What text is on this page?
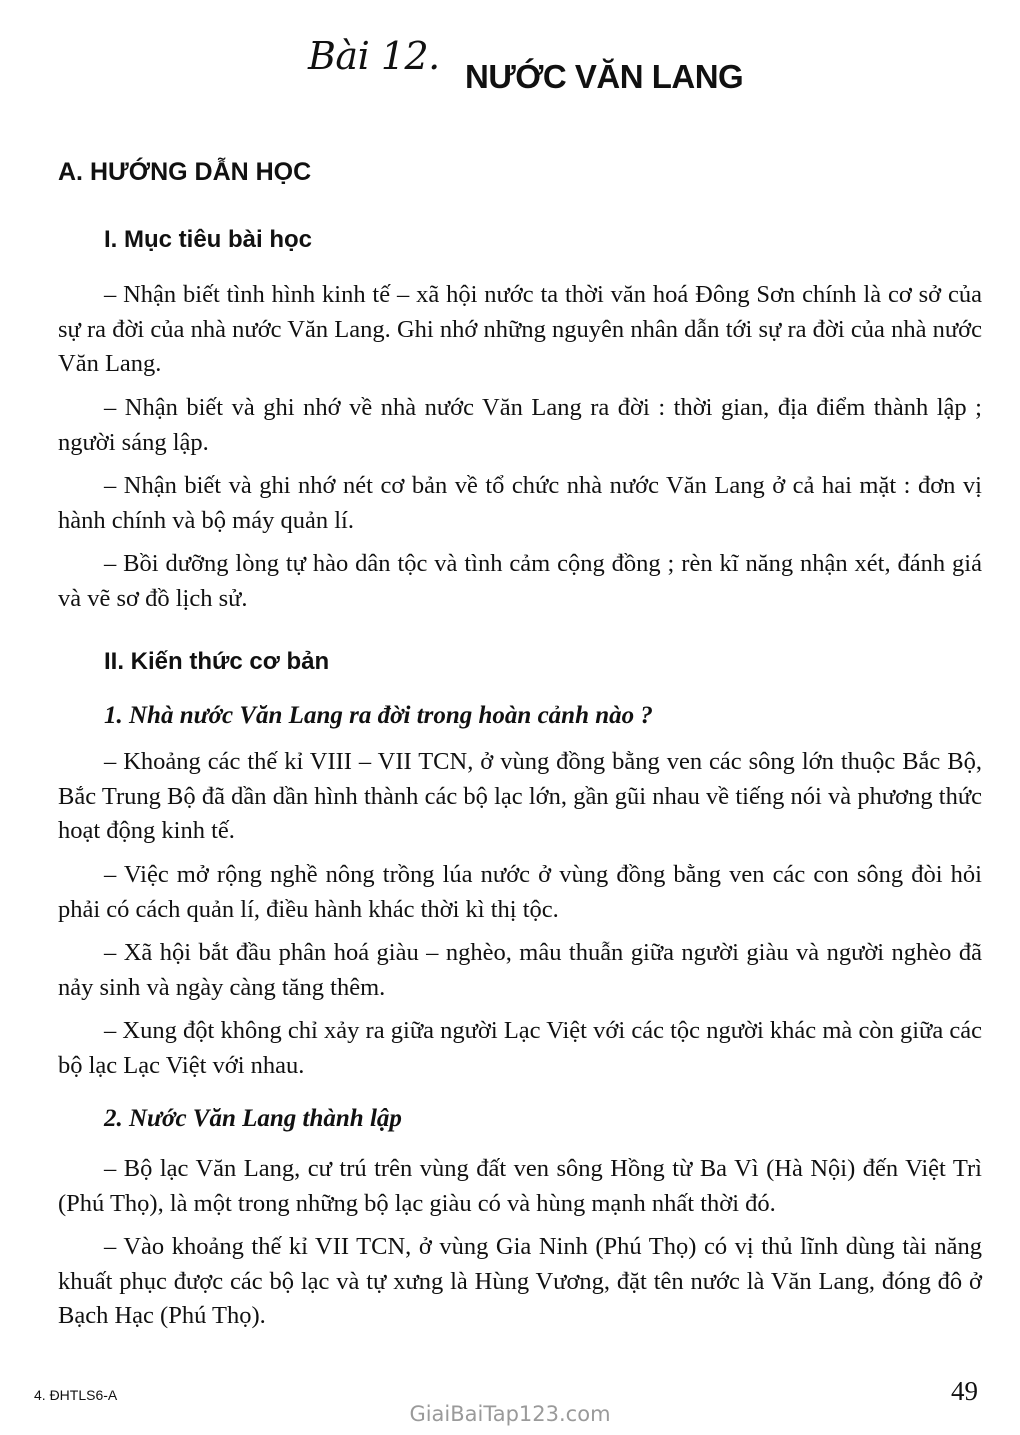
Bài 12. NƯỚC VĂN LANG
A. HƯỚNG DẪN HỌC
I. Mục tiêu bài học

– Nhận biết tình hình kinh tế – xã hội nước ta thời văn hoá Đông Sơn chính là cơ sở của sự ra đời của nhà nước Văn Lang. Ghi nhớ những nguyên nhân dẫn tới sự ra đời của nhà nước Văn Lang.

– Nhận biết và ghi nhớ về nhà nước Văn Lang ra đời : thời gian, địa điểm thành lập ; người sáng lập.

– Nhận biết và ghi nhớ nét cơ bản về tổ chức nhà nước Văn Lang ở cả hai mặt : đơn vị hành chính và bộ máy quản lí.

– Bồi dưỡng lòng tự hào dân tộc và tình cảm cộng đồng ; rèn kĩ năng nhận xét, đánh giá và vẽ sơ đồ lịch sử.

II. Kiến thức cơ bản
1. Nhà nước Văn Lang ra đời trong hoàn cảnh nào ?

– Khoảng các thế kỉ VIII – VII TCN, ở vùng đồng bằng ven các sông lớn thuộc Bắc Bộ, Bắc Trung Bộ đã dần dần hình thành các bộ lạc lớn, gần gũi nhau về tiếng nói và phương thức hoạt động kinh tế.

– Việc mở rộng nghề nông trồng lúa nước ở vùng đồng bằng ven các con sông đòi hỏi phải có cách quản lí, điều hành khác thời kì thị tộc.

– Xã hội bắt đầu phân hoá giàu – nghèo, mâu thuẫn giữa người giàu và người nghèo đã nảy sinh và ngày càng tăng thêm.

– Xung đột không chỉ xảy ra giữa người Lạc Việt với các tộc người khác mà còn giữa các bộ lạc Lạc Việt với nhau.

2. Nước Văn Lang thành lập

– Bộ lạc Văn Lang, cư trú trên vùng đất ven sông Hồng từ Ba Vì (Hà Nội) đến Việt Trì (Phú Thọ), là một trong những bộ lạc giàu có và hùng mạnh nhất thời đó.

– Vào khoảng thế kỉ VII TCN, ở vùng Gia Ninh (Phú Thọ) có vị thủ lĩnh dùng tài năng khuất phục được các bộ lạc và tự xưng là Hùng Vương, đặt tên nước là Văn Lang, đóng đô ở Bạch Hạc (Phú Thọ).

4. ĐHTLS6-A	49
GiaiBaiTap123.com
